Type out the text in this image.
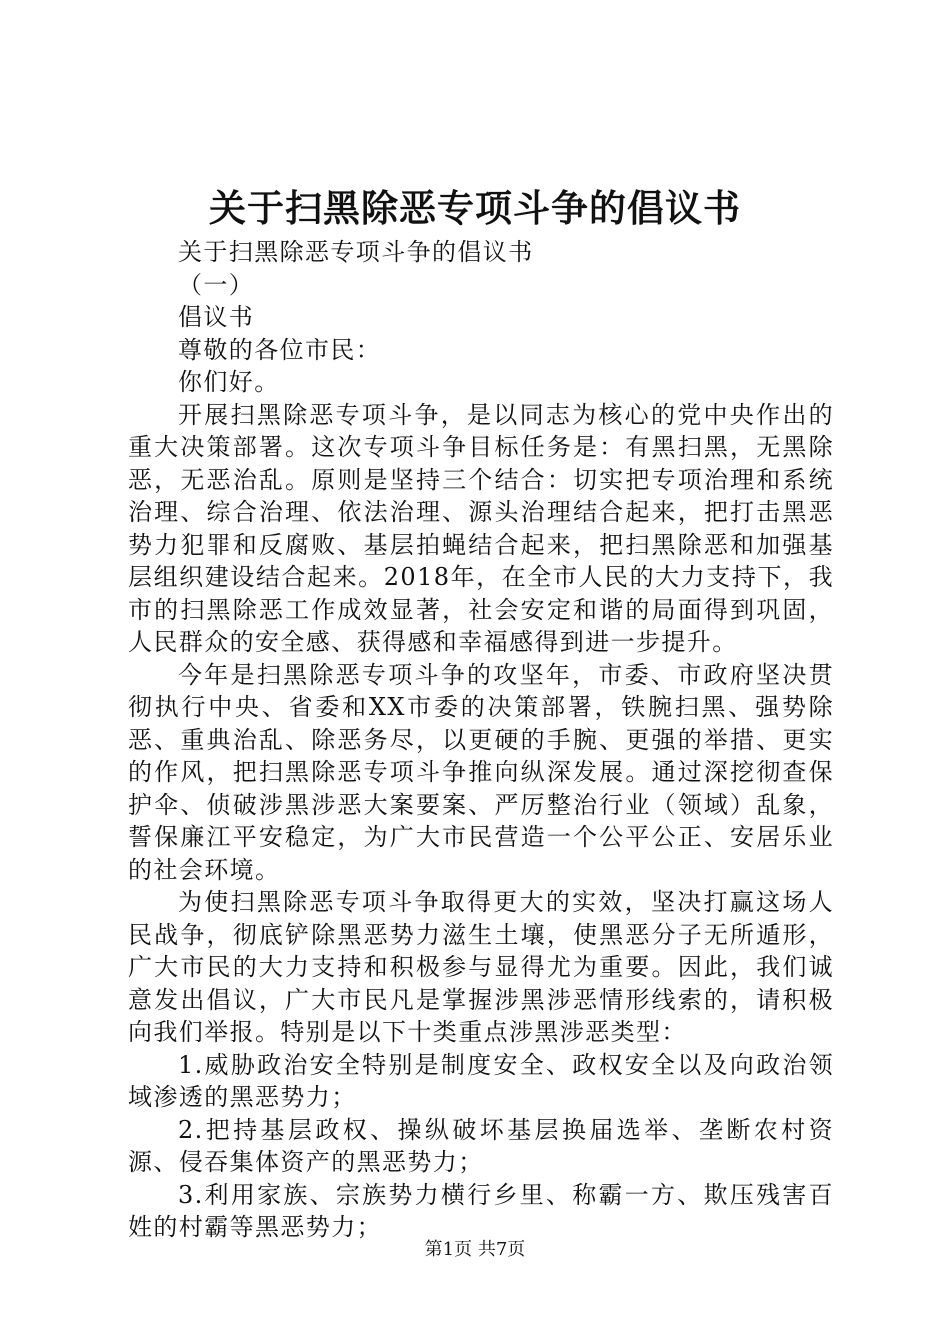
关于扫黑除恶专项斗争的倡议书
关于扫黑除恶专项斗争的倡议书
（一）
倡议书
尊敬的各位市民：
你们好。

开展扫黑除恶专项斗争，是以同志为核心的党中央作出的重大决策部署。这次专项斗争目标任务是：有黑扫黑，无黑除恶，无恶治乱。原则是坚持三个结合：切实把专项治理和系统治理、综合治理、依法治理、源头治理结合起来，把打击黑恶势力犯罪和反腐败、基层拍蝇结合起来，把扫黑除恶和加强基层组织建设结合起来。2018年，在全市人民的大力支持下，我市的扫黑除恶工作成效显著，社会安定和谐的局面得到巩固，人民群众的安全感、获得感和幸福感得到进一步提升。

今年是扫黑除恶专项斗争的攻坚年，市委、市政府坚决贯彻执行中央、省委和XX市委的决策部署，铁腕扫黑、强势除恶、重典治乱、除恶务尽，以更硬的手腕、更强的举措、更实的作风，把扫黑除恶专项斗争推向纵深发展。通过深挖彻查保护伞、侦破涉黑涉恶大案要案、严厉整治行业（领域）乱象，誓保廉江平安稳定，为广大市民营造一个公平公正、安居乐业的社会环境。

为使扫黑除恶专项斗争取得更大的实效，坚决打赢这场人民战争，彻底铲除黑恶势力滋生土壤，使黑恶分子无所遁形，广大市民的大力支持和积极参与显得尤为重要。因此，我们诚意发出倡议，广大市民凡是掌握涉黑涉恶情形线索的，请积极向我们举报。特别是以下十类重点涉黑涉恶类型：

1.威胁政治安全特别是制度安全、政权安全以及向政治领域渗透的黑恶势力；

2.把持基层政权、操纵破坏基层换届选举、垄断农村资源、侵吞集体资产的黑恶势力；

3.利用家族、宗族势力横行乡里、称霸一方、欺压残害百姓的村霸等黑恶势力；

第1页 共7页
